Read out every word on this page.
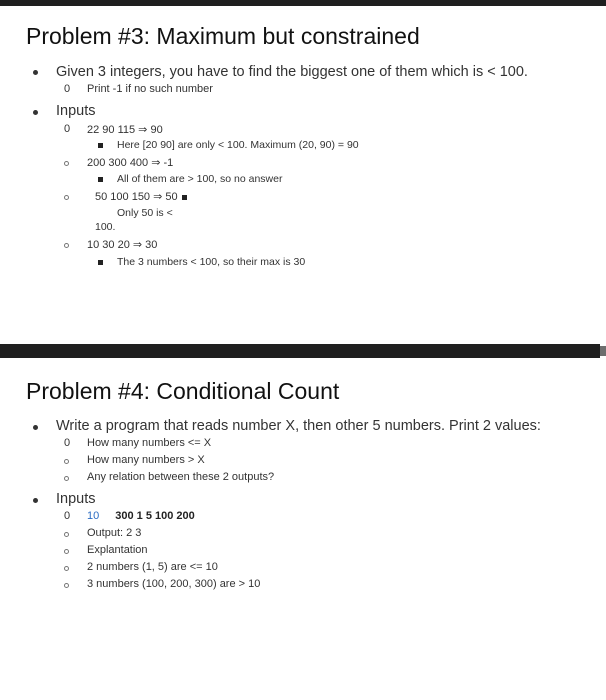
Problem #3: Maximum but constrained
Given 3 integers, you have to find the biggest one of them which is < 100.
0 Print -1 if no such number
Inputs
0 22 90 115 ⇒ 90
Here [20 90] are only < 100. Maximum (20, 90) = 90
200 300 400 ⇒ -1
All of them are > 100, so no answer
50 100 150 ⇒ 50
Only 50 is <
100.
10 30 20 ⇒ 30
The 3 numbers < 100, so their max is 30
Problem #4: Conditional Count
Write a program that reads number X, then other 5 numbers. Print 2 values:
0 How many numbers <= X
How many numbers > X
Any relation between these 2 outputs?
Inputs
0 10 300 1 5 100 200
Output: 2 3
Explantation
2 numbers (1, 5) are <= 10
3 numbers (100, 200, 300) are > 10
